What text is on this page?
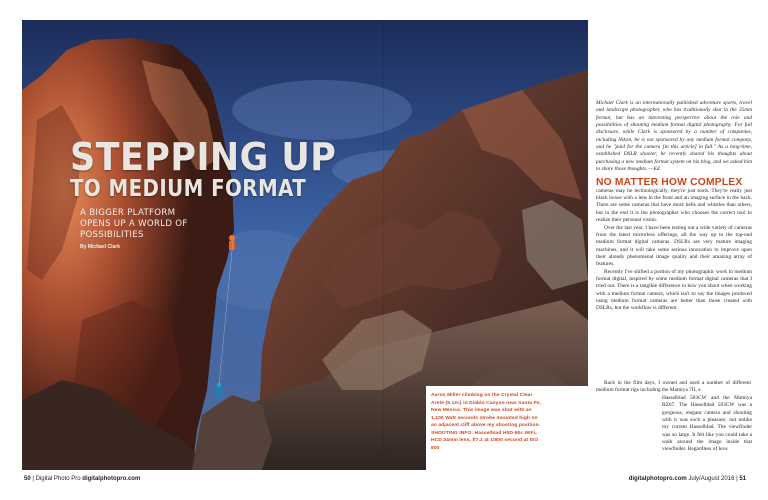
STEPPING UP
TO MEDIUM FORMAT
A BIGGER PLATFORM OPENS UP A WORLD OF POSSIBILITIES
By Michael Clark
Aaron Miller climbing on the Crystal Clear Arete (5.12c) in Diablo Canyon near Santa Fe, New Mexico. This image was shot with an 1,100 Watt seconds strobe mounted high on an adjacent cliff above my shooting position. SHOOTING INFO: Hasselblad H5D-50c WiFi, HCD 24mm lens, f/7.1 at 1/800 second at ISO 800

Michael Clark is an internationally published adventure sports, travel and landscape photographer, who has traditionally shot in the 35mm format, but has an interesting perspective about the role and possibilities of shooting medium format digital photography. For full disclosure, while Clark is sponsored by a number of companies, including Nikon, he is not sponsored by any medium format company, and he "paid for the camera [in this article] in full." As a long-time, established DSLR shooter, he recently shared his thoughts about purchasing a new medium format system on his blog, and we asked him to share those thoughts. —Ed.

NO MATTER HOW COMPLEX

cameras may be technologically, they're just tools. They're really just black boxes with a lens in the front and an imaging surface in the back. There are some cameras that have more bells and whistles than others, but in the end it is the photographer who chooses the correct tool to realize their personal vision.

Over the last year, I have been testing out a wide variety of cameras from the latest mirrorless offerings, all the way up to the top-end medium format digital cameras. DSLRs are very mature imaging machines, and it will take some serious innovation to improve upon their already phenomenal image quality and their amazing array of features.

Recently I've shifted a portion of my photographic work to medium format digital, inspired by some medium format digital cameras that I tried out. There is a tangible difference in how you shoot when working with a medium format camera, which isn't to say the images produced using medium format cameras are better than those created with DSLRs, but the workflow is different.

Back in the film days, I owned and used a number of different medium format rigs including the Mamiya 7II, a
Hasselblad 503CW and the Mamiya RZ67. The Hasselblad 503CW was a gorgeous, elegant camera and shooting with it was such a pleasure, not unlike my current Hasselblad. The viewfinder was so large. It felt like you could take a walk around the image inside that viewfinder. Regardless of how
50 | Digital Photo Pro digitalphotopro.com	digitalphotopro.com July/August 2016 | 51
